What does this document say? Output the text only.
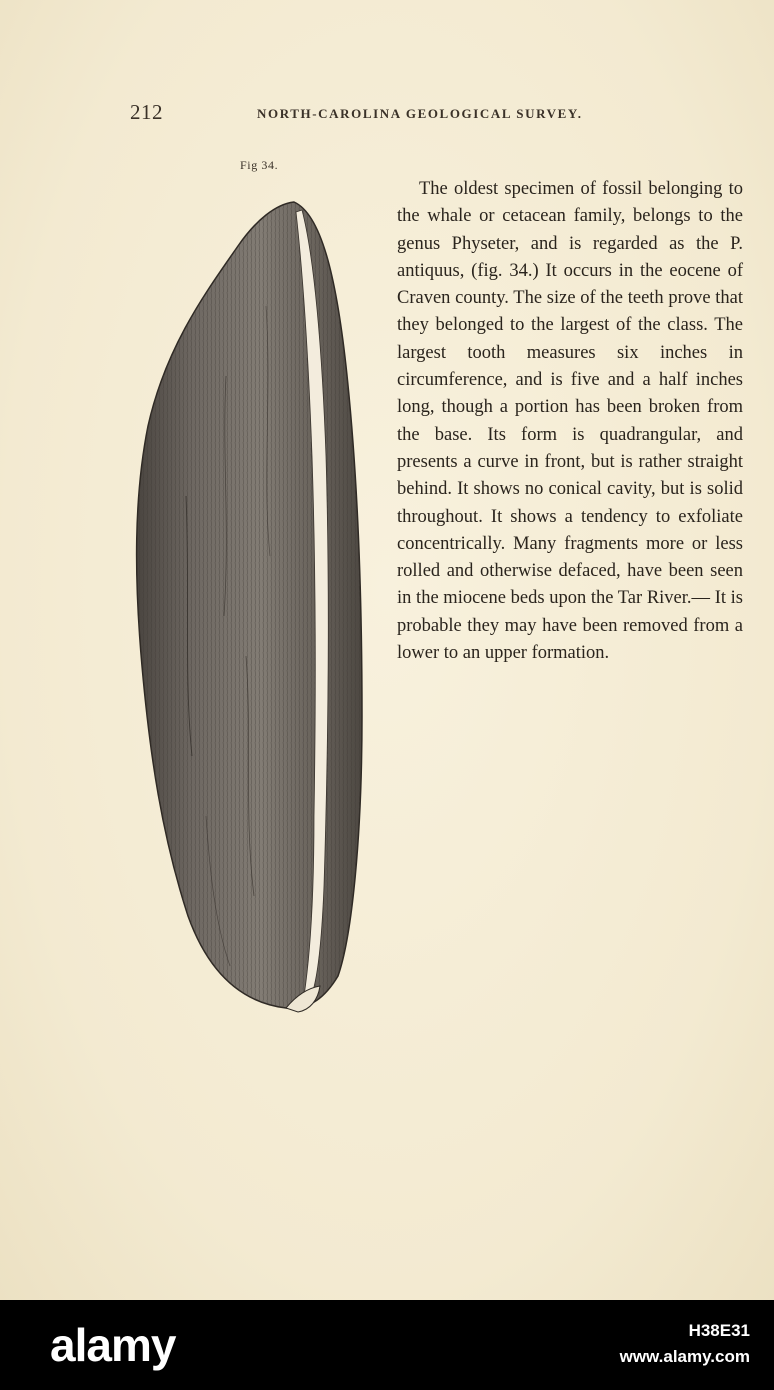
212	NORTH-CAROLINA GEOLOGICAL SURVEY.
Fig 34.
The oldest specimen of fossil belonging to the whale or cetacean family, belongs to the genus Physeter, and is regarded as the P. antiquus, (fig. 34.) It occurs in the eocene of Craven county. The size of the teeth prove that they belonged to the largest of the class. The largest tooth measures six inches in circumference, and is five and a half inches long, though a portion has been broken from the base. Its form is quadrangular, and presents a curve in front, but is rather straight behind. It shows no conical cavity, but is solid throughout. It shows a tendency to exfoliate concentrically. Many fragments more or less rolled and otherwise defaced, have been seen in the miocene beds upon the Tar River.— It is probable they may have been removed from a lower to an upper formation.
alamy	H38E31
www.alamy.com
